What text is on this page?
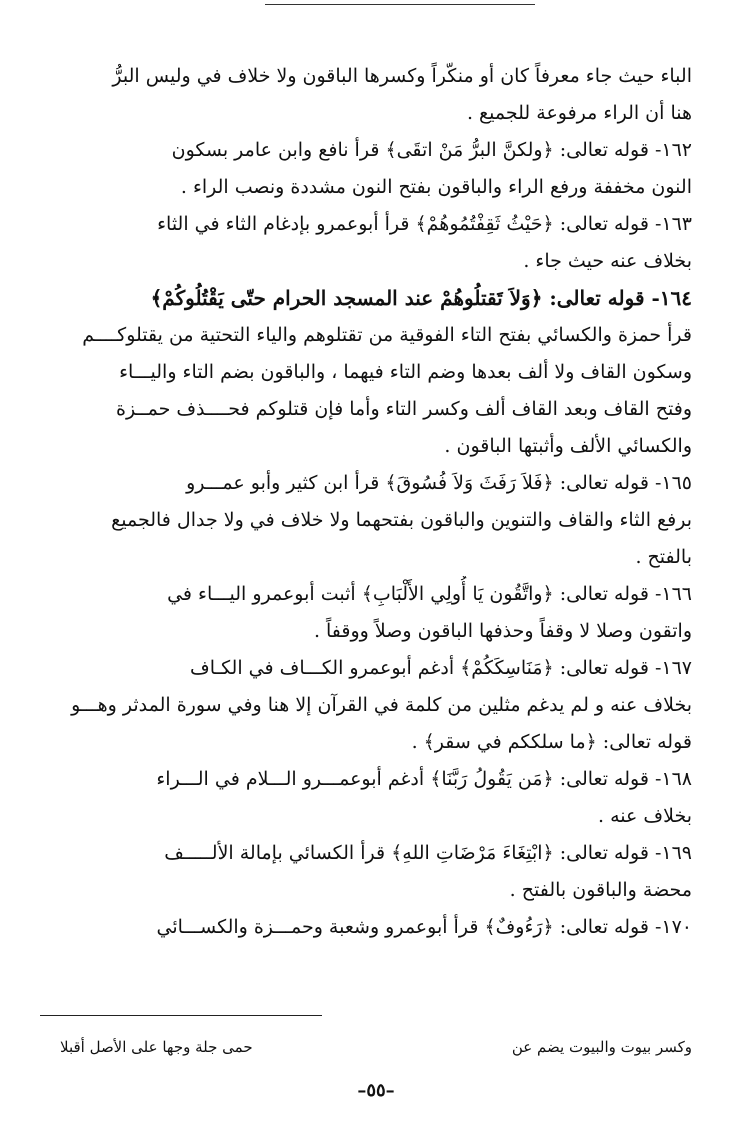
الباء حيث جاء معرفاً كان أو منكّراً وكسرها الباقون ولا خلاف في وليس البرُّ
هنا أن الراء مرفوعة للجميع .
١٦٢- قوله تعالى: ﴿ولكنَّ البرُّ مَنْ اتقَى﴾ قرأ نافع وابن عامر بسكون
النون مخففة ورفع الراء والباقون بفتح النون مشددة ونصب الراء .
١٦٣- قوله تعالى: ﴿حَيْثُ ثَقِفْتُمُوهُمْ﴾ قرأ أبوعمرو بإدغام الثاء في الثاء
بخلاف عنه حيث جاء .
١٦٤- قوله تعالى: ﴿وَلاَ تَقتلُوهُمْ عند المسجد الحرام حتّى يَقْتُلُوكُمْ﴾
قرأ حمزة والكسائي بفتح التاء الفوقية من تقتلوهم والياء التحتية من يقتلوكــــم
وسكون القاف ولا ألف بعدها وضم التاء فيهما ، والباقون بضم التاء واليـــاء
وفتح القاف وبعد القاف ألف وكسر التاء وأما فإن قتلوكم فحــــذف حمــزة
والكسائي الألف وأثبتها الباقون .
١٦٥- قوله تعالى: ﴿فَلاَ رَفَثَ وَلاَ فُسُوقَ﴾ قرأ ابن كثير وأبو عمـــرو
برفع الثاء والقاف والتنوين والباقون بفتحهما ولا خلاف في ولا جدال فالجميع
بالفتح .
١٦٦- قوله تعالى: ﴿واتَّقُون يَا أُولِي الأَلْبَابِ﴾ أثبت أبوعمرو اليـــاء في
واتقون وصلا لا وقفاً وحذفها الباقون وصلاً ووقفاً .
١٦٧- قوله تعالى: ﴿مَنَاسِكَكُمْ﴾ أدغم أبوعمرو الكـــاف في الكـاف
بخلاف عنه و لم يدغم مثلين من كلمة في القرآن إلا هنا وفي سورة المدثر وهـــو
قوله تعالى: ﴿ما سلككم في سقر﴾ .
١٦٨- قوله تعالى: ﴿مَن يَقُولُ رَبَّنَا﴾ أدغم أبوعمـــرو الـــلام في الـــراء
بخلاف عنه .
١٦٩- قوله تعالى: ﴿ابْتِغَاءَ مَرْضَاتِ اللهِ﴾ قرأ الكسائي بإمالة الألـــــف
محضة والباقون بالفتح .
١٧٠- قوله تعالى: ﴿رَءُوفٌ﴾ قرأ أبوعمرو وشعبة وحمـــزة والكســـائي
وكسر بيوت والبيوت يضم عن
حمى جلة وجها على الأصل أقبلا
–٥٥–
